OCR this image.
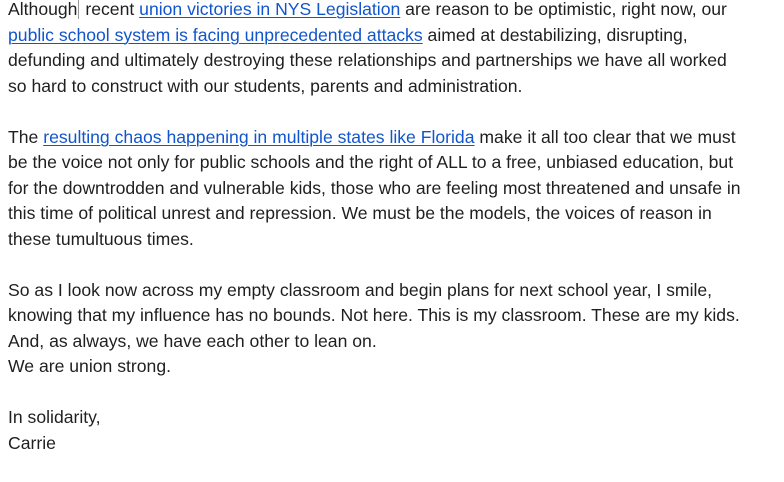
Although recent union victories in NYS Legislation are reason to be optimistic, right now, our
public school system is facing unprecedented attacks aimed at destabilizing, disrupting,
defunding and ultimately destroying these relationships and partnerships we have all worked
so hard to construct with our students, parents and administration.

The resulting chaos happening in multiple states like Florida make it all too clear that we must
be the voice not only for public schools and the right of ALL to a free, unbiased education, but
for the downtrodden and vulnerable kids, those who are feeling most threatened and unsafe in
this time of political unrest and repression. We must be the models, the voices of reason in
these tumultuous times.

So as I look now across my empty classroom and begin plans for next school year, I smile,
knowing that my influence has no bounds. Not here. This is my classroom. These are my kids.
And, as always, we have each other to lean on.
We are union strong.

In solidarity,
Carrie
